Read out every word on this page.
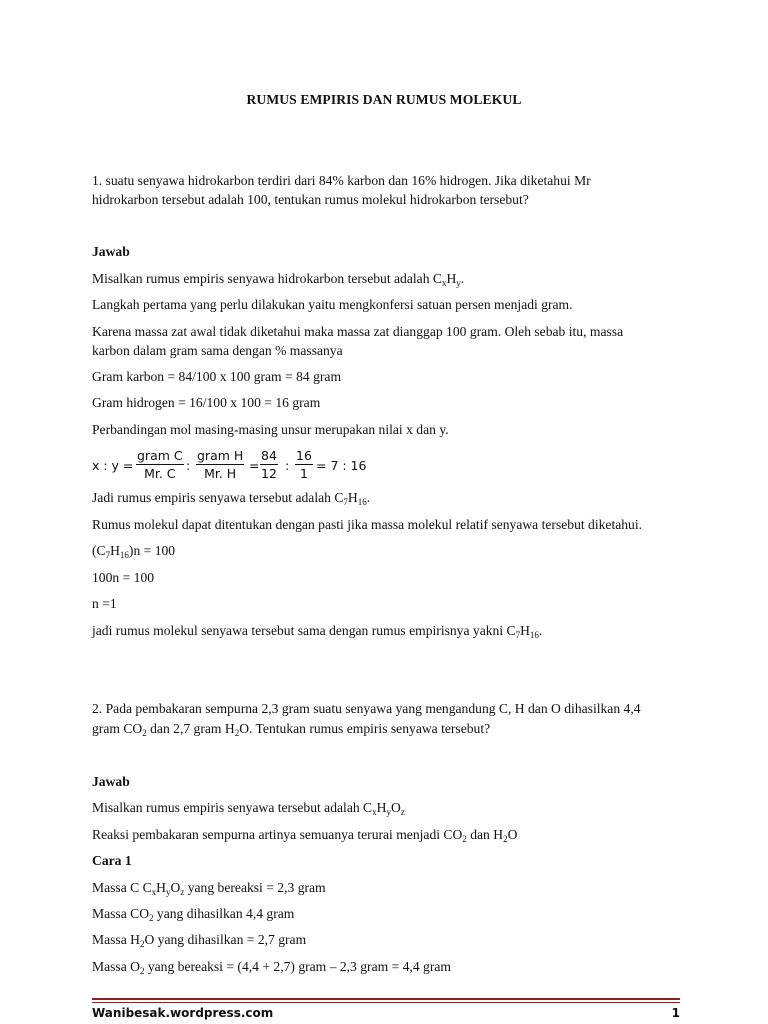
RUMUS EMPIRIS DAN RUMUS MOLEKUL
1. suatu senyawa hidrokarbon terdiri dari 84% karbon dan 16% hidrogen. Jika diketahui Mr
hidrokarbon tersebut adalah 100, tentukan rumus molekul hidrokarbon tersebut?
Jawab
Misalkan rumus empiris senyawa hidrokarbon tersebut adalah $C_xH_y$.
Langkah pertama yang perlu dilakukan yaitu mengkonfersi satuan persen menjadi gram.
Karena massa zat awal tidak diketahui maka massa zat dianggap 100 gram. Oleh sebab itu, massa
karbon dalam gram sama dengan % massanya
Gram karbon = 84/100 x 100 gram = 84 gram
Gram hidrogen = 16/100 x 100 = 16 gram
Perbandingan mol masing-masing unsur merupakan nilai x dan y.
x : y =
gram C
Mr. C
:
gram H
Mr. H
= $\frac{84}{12}$ : $\frac{16}{1} = 7$ : 16
Jadi rumus empiris senyawa tersebut adalah $C_7H_{16}$.
Rumus molekul dapat ditentukan dengan pasti jika massa molekul relatif senyawa tersebut diketahui.
$(C_7H_{16})n = 100$
100n = 100
n =1
jadi rumus molekul senyawa tersebut sama dengan rumus empirisnya yakni $C_7H_{16}$.
2. Pada pembakaran sempurna 2,3 gram suatu senyawa yang mengandung C, H dan O dihasilkan 4,4
gram $CO_2$ dan 2,7 gram $H_2O$. Tentukan rumus empiris senyawa tersebut?
Jawab
Misalkan rumus empiris senyawa tersebut adalah $C_xH_yO_z$
Reaksi pembakaran sempurna artinya semuanya terurai menjadi $CO_2$ dan $H_2O$
Cara 1
Massa C $C_xH_yO_z$ yang bereaksi = 2,3 gram
Massa $CO_2$ yang dihasilkan 4,4 gram
Massa $H_2O$ yang dihasilkan = 2,7 gram
Massa $O_2$ yang bereaksi = (4,4 + 2,7) gram – 2,3 gram = 4,4 gram
Wanibesak.wordpress.com	1
